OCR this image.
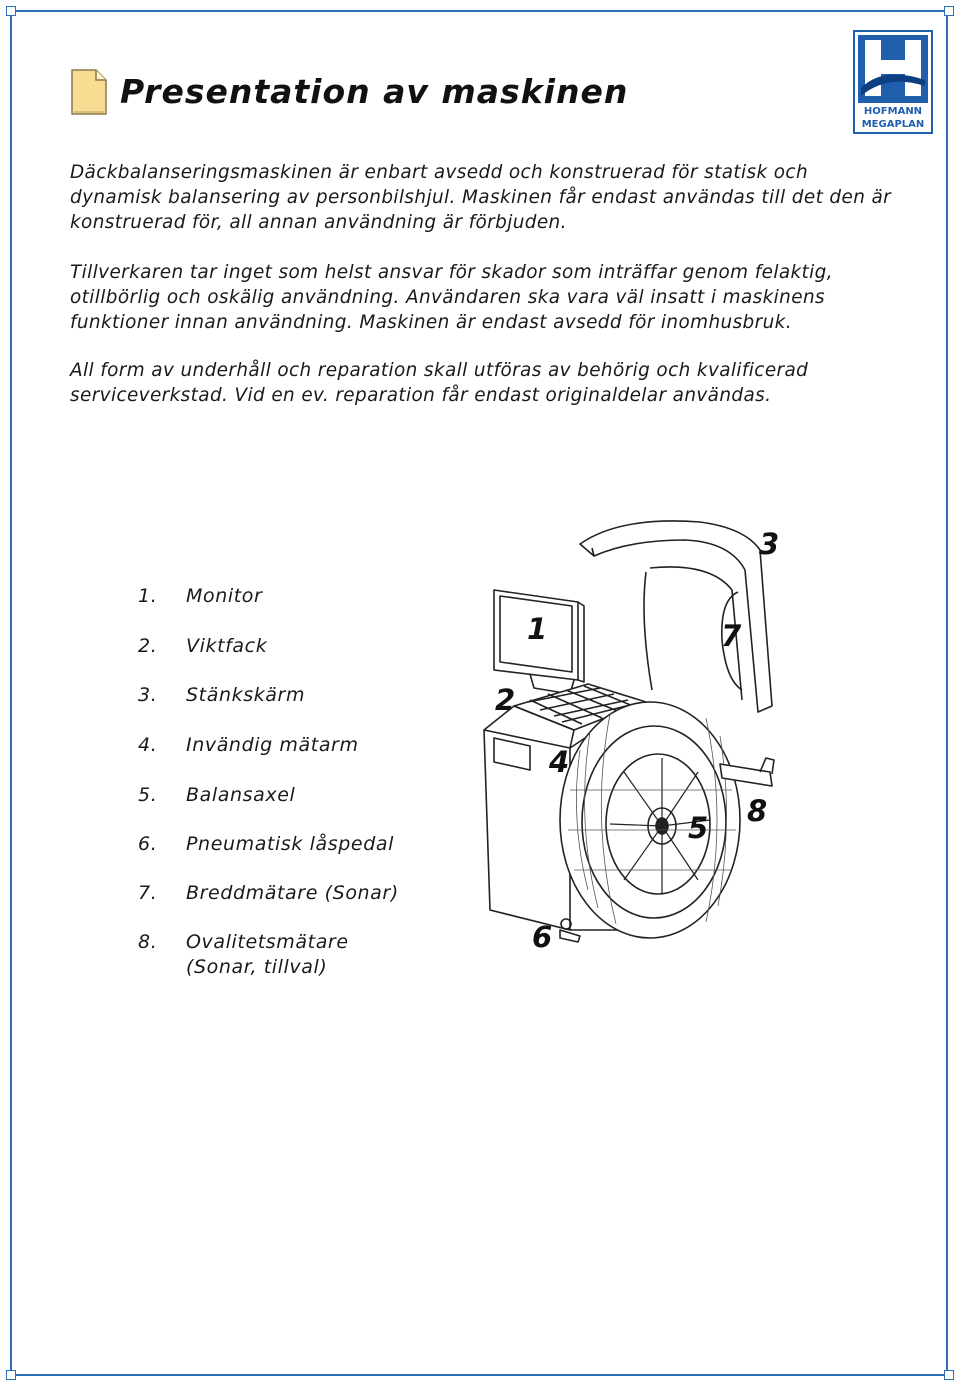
Presentation av maskinen
HOFMANN
MEGAPLAN

Däckbalanseringsmaskinen är enbart avsedd och konstruerad för statisk och dynamisk balansering av personbilshjul. Maskinen får endast användas till det den är konstruerad för, all annan användning är förbjuden.

Tillverkaren tar inget som helst ansvar för skador som inträffar genom felaktig, otillbörlig och oskälig användning. Användaren ska vara väl insatt i maskinens funktioner innan användning. Maskinen är endast avsedd för inomhusbruk.

All form av underhåll och reparation skall utföras av behörig och kvalificerad serviceverkstad. Vid en ev. reparation får endast originaldelar användas.

1. Monitor
2. Viktfack
3. Stänkskärm
4. Invändig mätarm
5. Balansaxel
6. Pneumatisk låspedal
7. Breddmätare (Sonar)
8. Ovalitetsmätare (Sonar, tillval)
3
1	7
2
4
8
5
6
